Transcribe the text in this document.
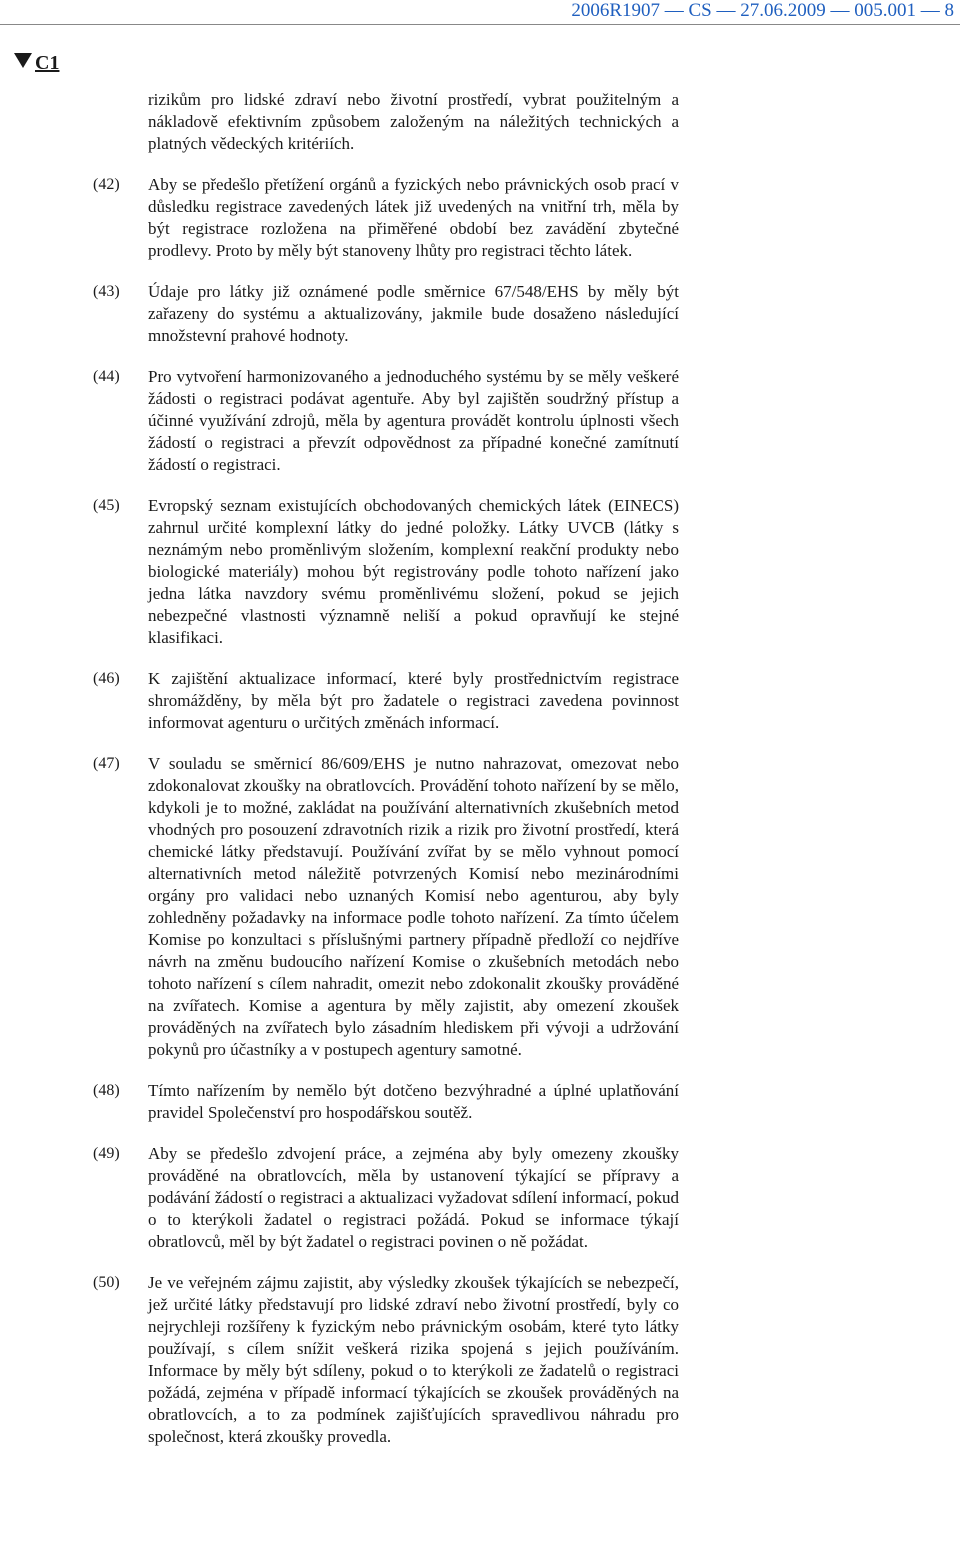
2006R1907 — CS — 27.06.2009 — 005.001 — 8
C1
rizikům pro lidské zdraví nebo životní prostředí, vybrat použitelným a nákladově efektivním způsobem založeným na náležitých technických a platných vědeckých kritériích.
(42) Aby se předešlo přetížení orgánů a fyzických nebo právnických osob prací v důsledku registrace zavedených látek již uvedených na vnitřní trh, měla by být registrace rozložena na přiměřené období bez zavádění zbytečné prodlevy. Proto by měly být stanoveny lhůty pro registraci těchto látek.
(43) Údaje pro látky již oznámené podle směrnice 67/548/EHS by měly být zařazeny do systému a aktualizovány, jakmile bude dosaženo následující množstevní prahové hodnoty.
(44) Pro vytvoření harmonizovaného a jednoduchého systému by se měly veškeré žádosti o registraci podávat agentuře. Aby byl zajištěn soudržný přístup a účinné využívání zdrojů, měla by agentura provádět kontrolu úplnosti všech žádostí o registraci a převzít odpovědnost za případné konečné zamítnutí žádostí o registraci.
(45) Evropský seznam existujících obchodovaných chemických látek (EINECS) zahrnul určité komplexní látky do jedné položky. Látky UVCB (látky s neznámým nebo proměnlivým složením, komplexní reakční produkty nebo biologické materiály) mohou být registrovány podle tohoto nařízení jako jedna látka navzdory svému proměnlivému složení, pokud se jejich nebezpečné vlastnosti významně neliší a pokud opravňují ke stejné klasifikaci.
(46) K zajištění aktualizace informací, které byly prostřednictvím registrace shromážděny, by měla být pro žadatele o registraci zavedena povinnost informovat agenturu o určitých změnách informací.
(47) V souladu se směrnicí 86/609/EHS je nutno nahrazovat, omezovat nebo zdokonalovat zkoušky na obratlovcích. Provádění tohoto nařízení by se mělo, kdykoli je to možné, zakládat na používání alternativních zkušebních metod vhodných pro posouzení zdravotních rizik a rizik pro životní prostředí, která chemické látky představují. Používání zvířat by se mělo vyhnout pomocí alternativních metod náležitě potvrzených Komisí nebo mezinárodními orgány pro validaci nebo uznaných Komisí nebo agenturou, aby byly zohledněny požadavky na informace podle tohoto nařízení. Za tímto účelem Komise po konzultaci s příslušnými partnery případně předloží co nejdříve návrh na změnu budoucího nařízení Komise o zkušebních metodách nebo tohoto nařízení s cílem nahradit, omezit nebo zdokonalit zkoušky prováděné na zvířatech. Komise a agentura by měly zajistit, aby omezení zkoušek prováděných na zvířatech bylo zásadním hlediskem při vývoji a udržování pokynů pro účastníky a v postupech agentury samotné.
(48) Tímto nařízením by nemělo být dotčeno bezvýhradné a úplné uplatňování pravidel Společenství pro hospodářskou soutěž.
(49) Aby se předešlo zdvojení práce, a zejména aby byly omezeny zkoušky prováděné na obratlovcích, měla by ustanovení týkající se přípravy a podávání žádostí o registraci a aktualizaci vyžadovat sdílení informací, pokud o to kterýkoli žadatel o registraci požádá. Pokud se informace týkají obratlovců, měl by být žadatel o registraci povinen o ně požádat.
(50) Je ve veřejném zájmu zajistit, aby výsledky zkoušek týkajících se nebezpečí, jež určité látky představují pro lidské zdraví nebo životní prostředí, byly co nejrychleji rozšířeny k fyzickým nebo právnickým osobám, které tyto látky používají, s cílem snížit veškerá rizika spojená s jejich používáním. Informace by měly být sdíleny, pokud o to kterýkoli ze žadatelů o registraci požádá, zejména v případě informací týkajících se zkoušek prováděných na obratlovcích, a to za podmínek zajišťujících spravedlivou náhradu pro společnost, která zkoušky provedla.
